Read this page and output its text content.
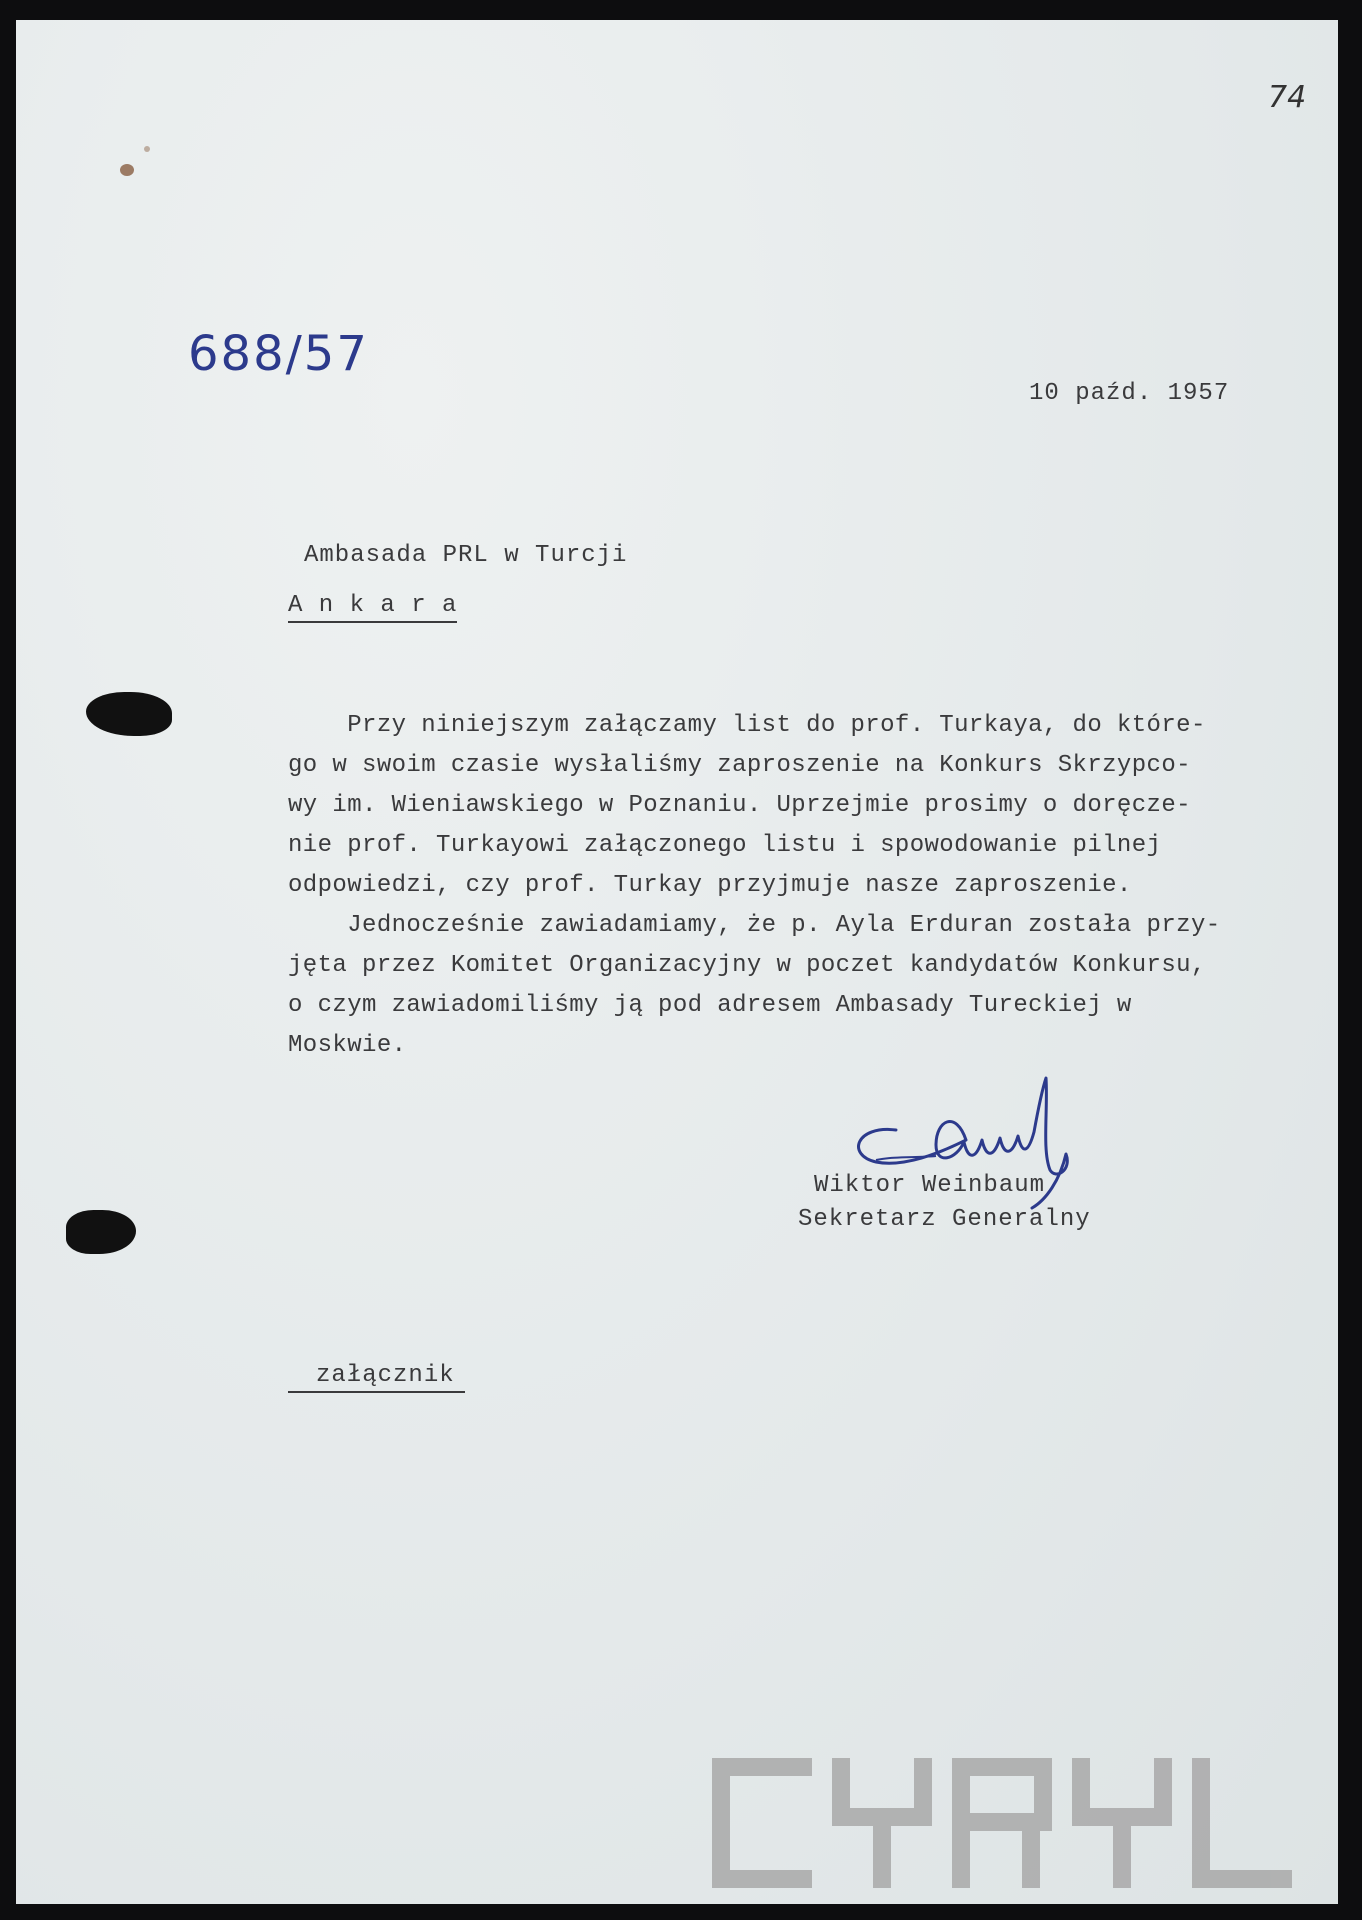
74
688/57
10 paźd. 1957
Ambasada PRL w Turcji
A n k a r a
Przy niniejszym załączamy list do prof. Turkaya, do które-
go w swoim czasie wysłaliśmy zaproszenie na Konkurs Skrzypco-
wy im. Wieniawskiego w Poznaniu. Uprzejmie prosimy o doręcze-
nie prof. Turkayowi załączonego listu i spowodowanie pilnej
odpowiedzi, czy prof. Turkay przyjmuje nasze zaproszenie.
Jednocześnie zawiadamiamy, że p. Ayla Erduran została przy-
jęta przez Komitet Organizacyjny w poczet kandydatów Konkursu,
o czym zawiadomiliśmy ją pod adresem Ambasady Tureckiej w
Moskwie.
Wiktor Weinbaum
Sekretarz Generalny
załącznik
